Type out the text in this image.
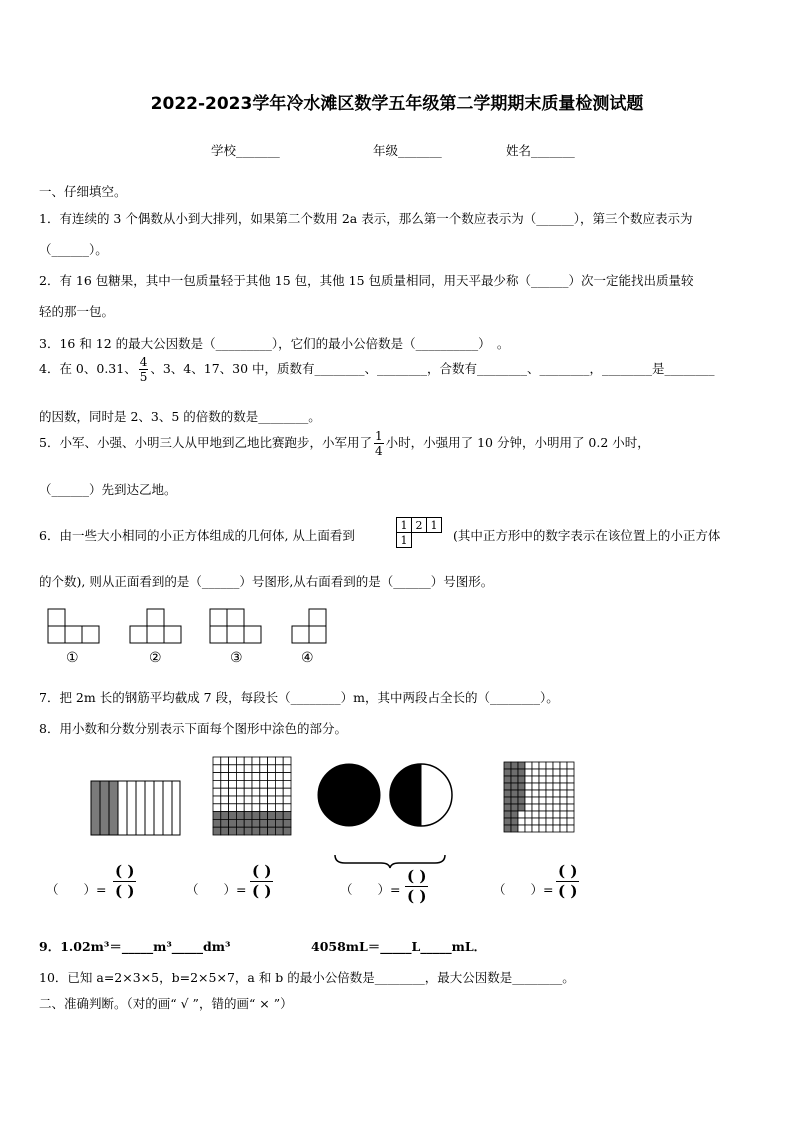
2022-2023学年冷水滩区数学五年级第二学期期末质量检测试题
学校_______	年级_______	姓名_______
一、仔细填空。
1．有连续的 3 个偶数从小到大排列，如果第二个数用 2a 表示，那么第一个数应表示为（______），第三个数应表示为
（______）。
2．有 16 包糖果，其中一包质量轻于其他 15 包，其他 15 包质量相同，用天平最少称（______）次一定能找出质量较
轻的那一包。
3．16 和 12 的最大公因数是（_________），它们的最小公倍数是（__________）　。
4．在 0、0.31、 $\frac{4}{5}$ 、3、4、17、30 中，质数有________、________，合数有________、________，________是________
的因数，同时是 2、3、5 的倍数的数是________。
5．小军、小强、小明三人从甲地到乙地比赛跑步，小军用了 $\frac{1}{4}$ 小时，小强用了 10 分钟，小明用了 0.2 小时，
（______）先到达乙地。
6．由一些大小相同的小正方体组成的几何体, 从上面看到
1	2	1
1			(其中正方形中的数字表示在该位置上的小正方体
的个数), 则从正面看到的是（______）号图形,从右面看到的是（______）号图形。
①	②	③	④
7．把 2m 长的钢筋平均截成 7 段，每段长（________）m，其中两段占全长的（________）。
8．用小数和分数分别表示下面每个图形中涂色的部分。
（　　）=
( )
( )	（　　）=
( )
( )	（　　）=
( )
( )	（　　）=
( )
( )
9．1.02m³＝_____m³_____dm³	4058mL＝_____L_____mL．
10．已知 a=2×3×5，b=2×5×7，a 和 b 的最小公倍数是________，最大公因数是________。
二、准确判断。（对的画“ √ ”，错的画“ × ”）
